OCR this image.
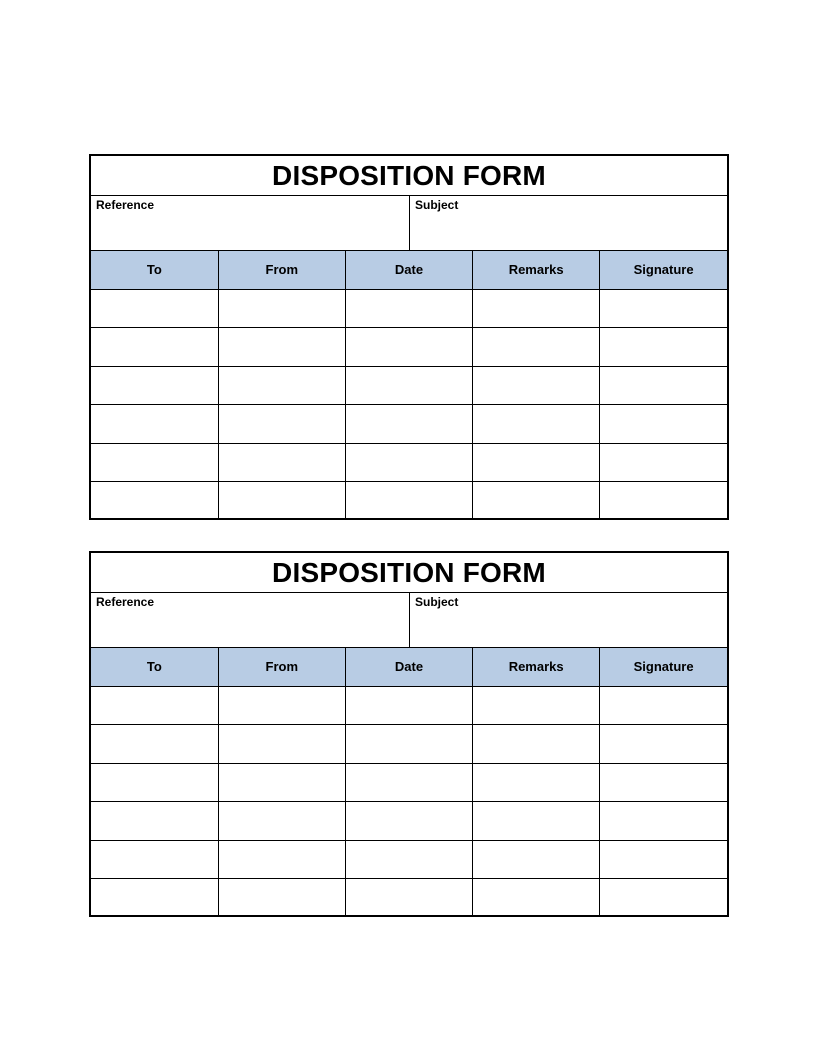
DISPOSITION FORM
Reference	Subject
To	From	Date	Remarks	Signature

DISPOSITION FORM
Reference	Subject
To	From	Date	Remarks	Signature
